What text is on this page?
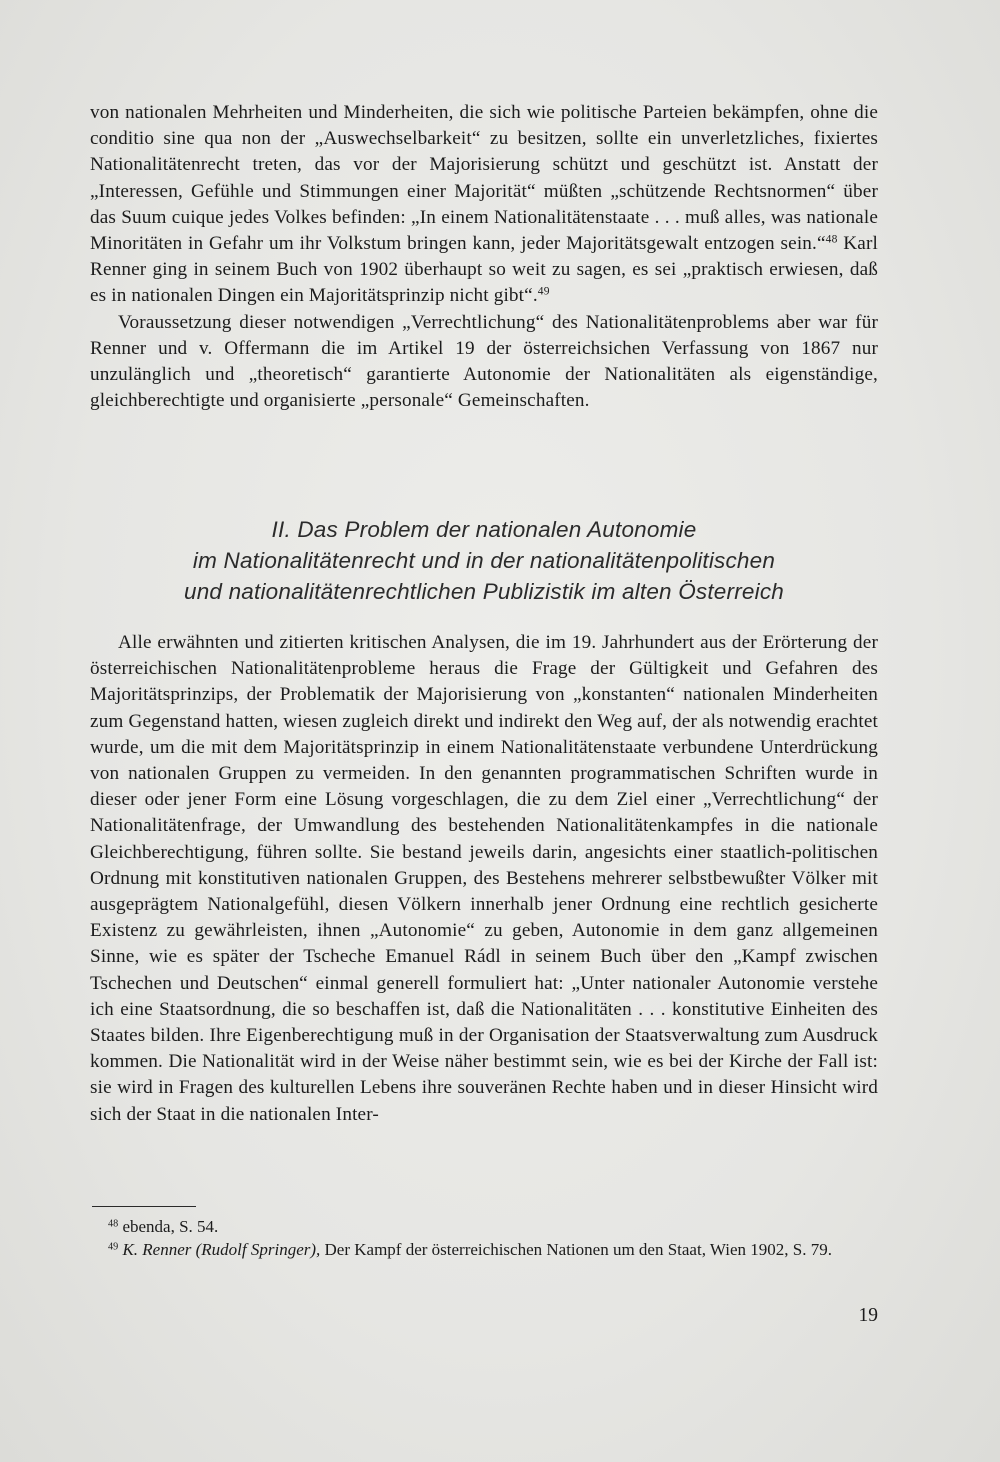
von nationalen Mehrheiten und Minderheiten, die sich wie politische Parteien bekämpfen, ohne die conditio sine qua non der „Auswechselbarkeit“ zu besitzen, sollte ein unverletzliches, fixiertes Nationalitätenrecht treten, das vor der Majorisierung schützt und geschützt ist. Anstatt der „Interessen, Gefühle und Stimmungen einer Majorität“ müßten „schützende Rechtsnormen“ über das Suum cuique jedes Volkes befinden: „In einem Nationalitätenstaate . . . muß alles, was nationale Minoritäten in Gefahr um ihr Volkstum bringen kann, jeder Majoritätsgewalt entzogen sein.“$^{48}$ Karl Renner ging in seinem Buch von 1902 überhaupt so weit zu sagen, es sei „praktisch erwiesen, daß es in nationalen Dingen ein Majoritätsprinzip nicht gibt“.$^{49}$

Voraussetzung dieser notwendigen „Verrechtlichung“ des Nationalitätenproblems aber war für Renner und v. Offermann die im Artikel 19 der österreichsichen Verfassung von 1867 nur unzulänglich und „theoretisch“ garantierte Autonomie der Nationalitäten als eigenständige, gleichberechtigte und organisierte „personale“ Gemeinschaften.

II. Das Problem der nationalen Autonomie
im Nationalitätenrecht und in der nationalitätenpolitischen
und nationalitätenrechtlichen Publizistik im alten Österreich

Alle erwähnten und zitierten kritischen Analysen, die im 19. Jahrhundert aus der Erörterung der österreichischen Nationalitätenprobleme heraus die Frage der Gültigkeit und Gefahren des Majoritätsprinzips, der Problematik der Majorisierung von „konstanten“ nationalen Minderheiten zum Gegenstand hatten, wiesen zugleich direkt und indirekt den Weg auf, der als notwendig erachtet wurde, um die mit dem Majoritätsprinzip in einem Nationalitätenstaate verbundene Unterdrückung von nationalen Gruppen zu vermeiden. In den genannten programmatischen Schriften wurde in dieser oder jener Form eine Lösung vorgeschlagen, die zu dem Ziel einer „Verrechtlichung“ der Nationalitätenfrage, der Umwandlung des bestehenden Nationalitätenkampfes in die nationale Gleichberechtigung, führen sollte. Sie bestand jeweils darin, angesichts einer staatlich-politischen Ordnung mit konstitutiven nationalen Gruppen, des Bestehens mehrerer selbstbewußter Völker mit ausgeprägtem Nationalgefühl, diesen Völkern innerhalb jener Ordnung eine rechtlich gesicherte Existenz zu gewährleisten, ihnen „Autonomie“ zu geben, Autonomie in dem ganz allgemeinen Sinne, wie es später der Tscheche Emanuel Rádl in seinem Buch über den „Kampf zwischen Tschechen und Deutschen“ einmal generell formuliert hat: „Unter nationaler Autonomie verstehe ich eine Staatsordnung, die so beschaffen ist, daß die Nationalitäten . . . konstitutive Einheiten des Staates bilden. Ihre Eigenberechtigung muß in der Organisation der Staatsverwaltung zum Ausdruck kommen. Die Nationalität wird in der Weise näher bestimmt sein, wie es bei der Kirche der Fall ist: sie wird in Fragen des kulturellen Lebens ihre souveränen Rechte haben und in dieser Hinsicht wird sich der Staat in die nationalen Inter-

$^{48}$ ebenda, S. 54.

$^{49}$ K. Renner (Rudolf Springer), Der Kampf der österreichischen Nationen um den Staat, Wien 1902, S. 79.

19
